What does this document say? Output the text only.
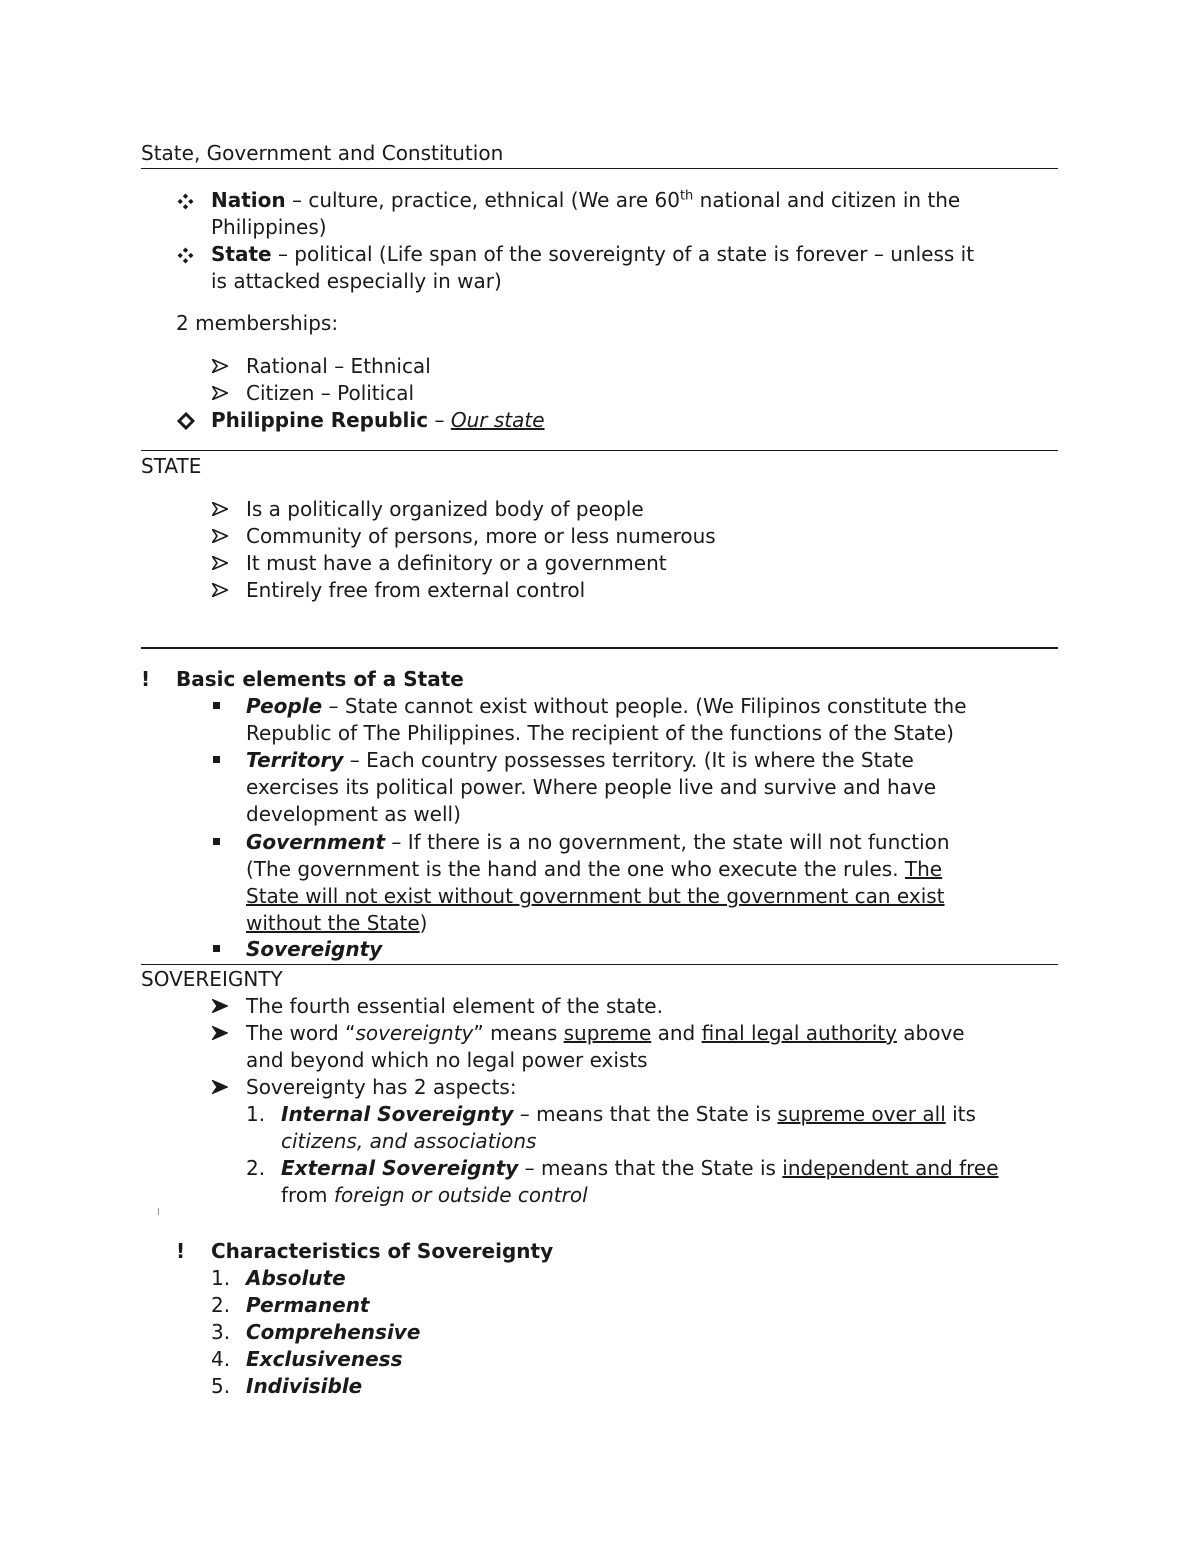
State, Government and Constitution
Nation – culture, practice, ethnical (We are 60th national and citizen in the
Philippines)
State – political (Life span of the sovereignty of a state is forever – unless it
is attacked especially in war)
2 memberships:
Rational – Ethnical
Citizen – Political
Philippine Republic – Our state
STATE
Is a politically organized body of people
Community of persons, more or less numerous
It must have a definitory or a government
Entirely free from external control
! Basic elements of a State
People – State cannot exist without people. (We Filipinos constitute the
Republic of The Philippines. The recipient of the functions of the State)
Territory – Each country possesses territory. (It is where the State
exercises its political power. Where people live and survive and have
development as well)
Government – If there is a no government, the state will not function
(The government is the hand and the one who execute the rules. The
State will not exist without government but the government can exist
without the State)
Sovereignty
SOVEREIGNTY
The fourth essential element of the state.
The word “sovereignty” means supreme and final legal authority above
and beyond which no legal power exists
Sovereignty has 2 aspects:
1. Internal Sovereignty – means that the State is supreme over all its
citizens, and associations
2. External Sovereignty – means that the State is independent and free
from foreign or outside control
! Characteristics of Sovereignty
1. Absolute
2. Permanent
3. Comprehensive
4. Exclusiveness
5. Indivisible
